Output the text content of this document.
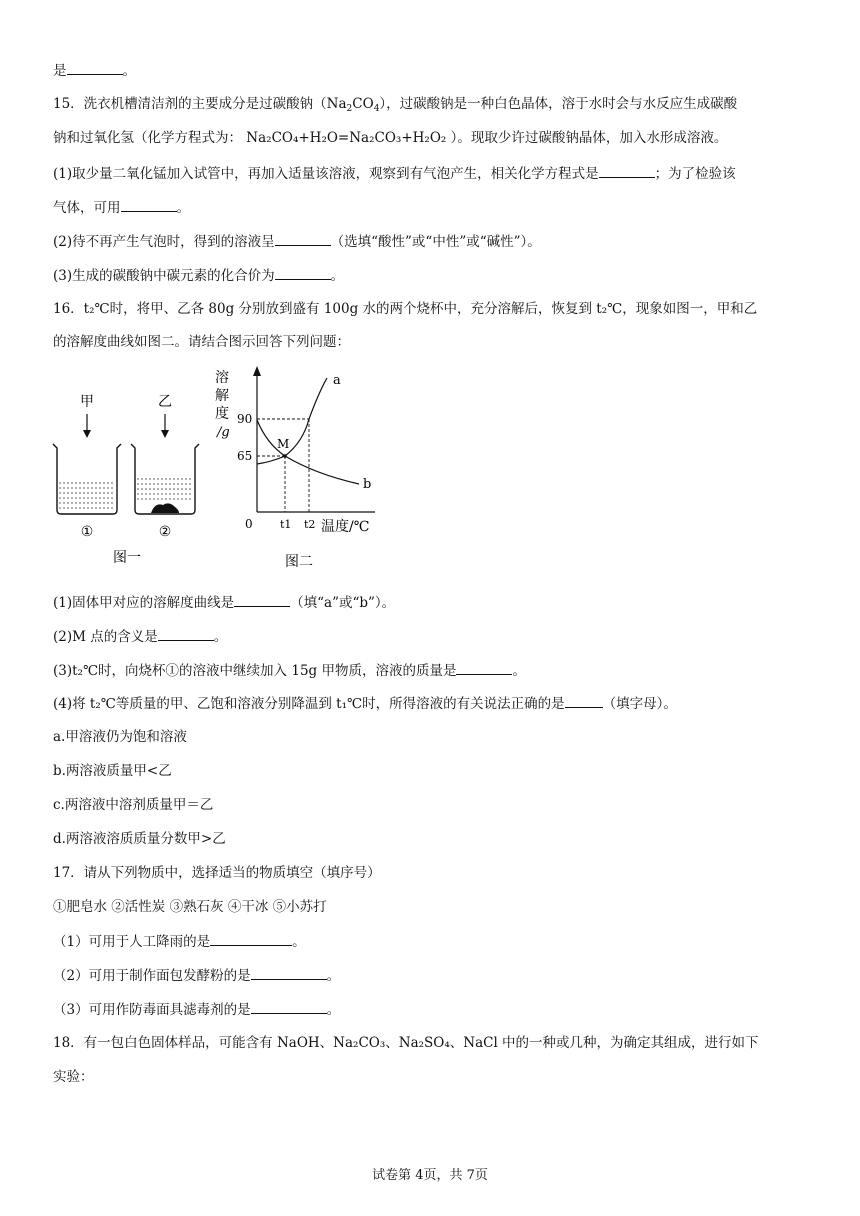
是	。
15．洗衣机槽清洁剂的主要成分是过碳酸钠$(Na_2CO_4)$，过碳酸钠是一种白色晶体，溶于水时会与水反应生成碳酸
钠和过氧化氢（化学方程式为： Na₂CO₄+H₂O=Na₂CO₃+H₂O₂ ）。现取少许过碳酸钠晶体，加入水形成溶液。
(1)取少量二氧化锰加入试管中，再加入适量该溶液，观察到有气泡产生，相关化学方程式是	；为了检验该
气体，可用	。
(2)待不再产生气泡时，得到的溶液呈	（选填“酸性”或“中性”或“碱性”）。
(3)生成的碳酸钠中碳元素的化合价为	。
16．t₂℃时，将甲、乙各 80g 分别放到盛有 100g 水的两个烧杯中，充分溶解后，恢复到 t₂℃，现象如图一，甲和乙
的溶解度曲线如图二。请结合图示回答下列问题：
甲
①
乙
②
图一
溶
解
度
/g
90
65
M
a
b
0 t1 t2 温度/℃
图二
(1)固体甲对应的溶解度曲线是	（填“a”或“b”）。
(2)M 点的含义是	。
(3)t₂℃时，向烧杯①的溶液中继续加入 15g 甲物质，溶液的质量是	。
(4)将 t₂℃等质量的甲、乙饱和溶液分别降温到 t₁℃时，所得溶液的有关说法正确的是	（填字母）。
a.甲溶液仍为饱和溶液
b.两溶液质量甲<乙
c.两溶液中溶剂质量甲＝乙
d.两溶液溶质质量分数甲>乙
17．请从下列物质中，选择适当的物质填空（填序号）
①肥皂水 ②活性炭 ③熟石灰 ④干冰 ⑤小苏打
（1）可用于人工降雨的是	。
（2）可用于制作面包发酵粉的是	。
（3）可用作防毒面具滤毒剂的是	。
18．有一包白色固体样品，可能含有 NaOH、Na₂CO₃、Na₂SO₄、NaCl 中的一种或几种，为确定其组成，进行如下
实验：
试卷第 4页，共 7页
